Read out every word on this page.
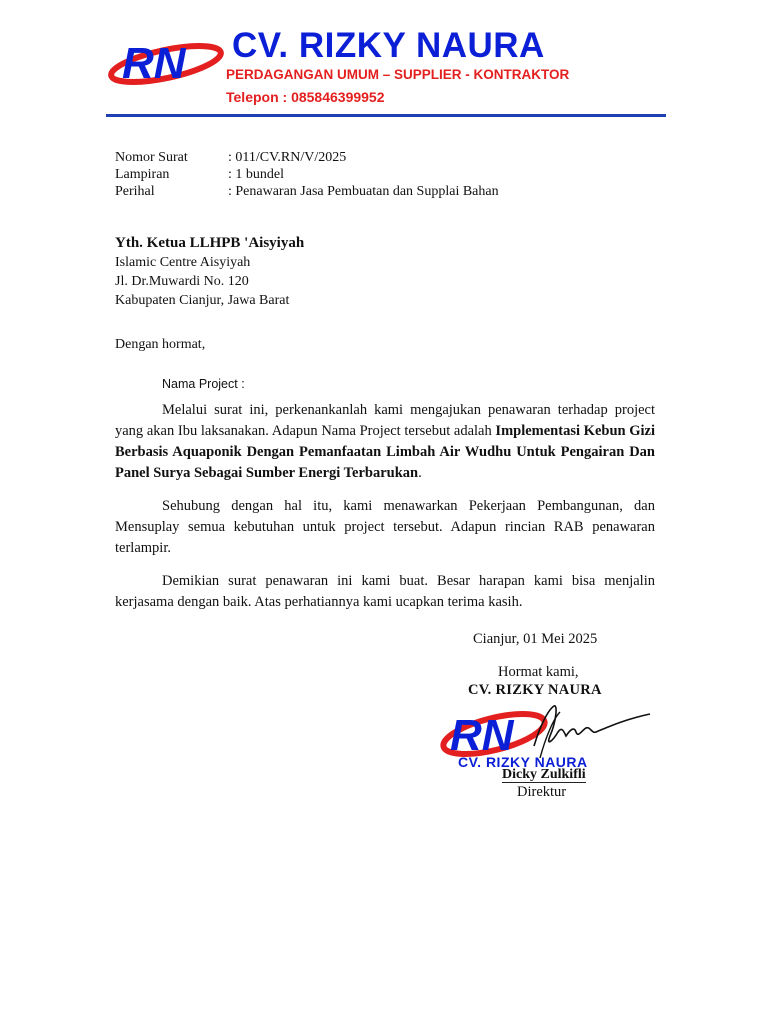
RN CV. RIZKY NAURA
PERDAGANGAN UMUM – SUPPLIER - KONTRAKTOR
Telepon : 085846399952
Nomor Surat	: 011/CV.RN/V/2025
Lampiran	: 1 bundel
Perihal	: Penawaran Jasa Pembuatan dan Supplai Bahan
Yth. Ketua LLHPB 'Aisyiyah
Islamic Centre Aisyiyah
Jl. Dr.Muwardi No. 120
Kabupaten Cianjur, Jawa Barat
Dengan hormat,
Nama Project :

Melalui surat ini, perkenankanlah kami mengajukan penawaran terhadap project yang akan Ibu laksanakan. Adapun Nama Project tersebut adalah Implementasi Kebun Gizi Berbasis Aquaponik Dengan Pemanfaatan Limbah Air Wudhu Untuk Pengairan Dan Panel Surya Sebagai Sumber Energi Terbarukan.

Sehubung dengan hal itu, kami menawarkan Pekerjaan Pembangunan, dan Mensuplay semua kebutuhan untuk project tersebut. Adapun rincian RAB penawaran terlampir.

Demikian surat penawaran ini kami buat. Besar harapan kami bisa menjalin kerjasama dengan baik. Atas perhatiannya kami ucapkan terima kasih.

Cianjur, 01 Mei 2025
Hormat kami,
CV. RIZKY NAURA
RN
CV. RIZKY NAURA
Dicky Zulkifli
Direktur
